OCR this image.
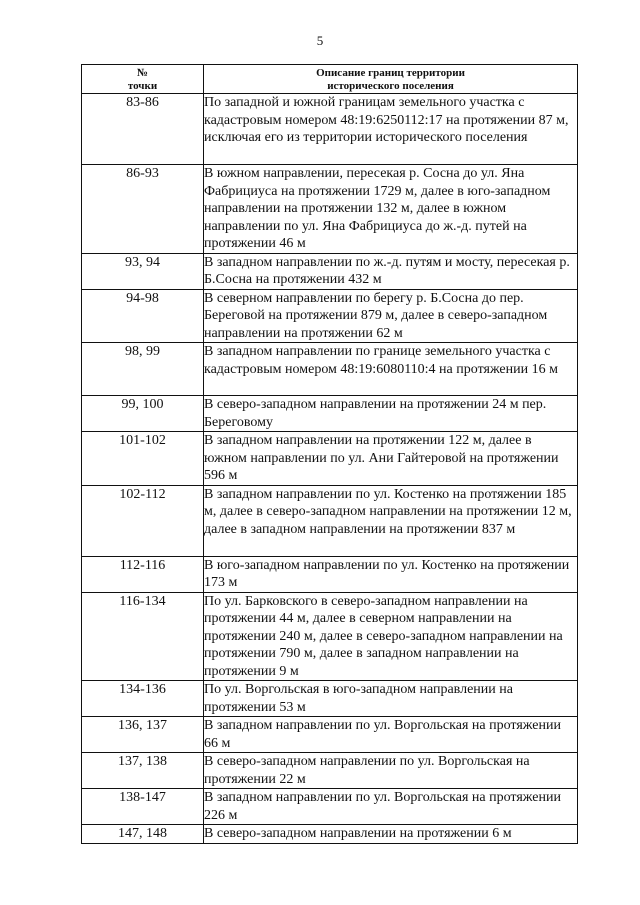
5
№
точки	Описание границ территории
исторического поселения

83-86	По западной и южной границам земельного участка с кадастровым номером 48:19:6250112:17 на протяжении 87 м, исключая его из территории исторического поселения
86-93	В южном направлении, пересекая р. Сосна до ул. Яна Фабрициуса на протяжении 1729 м, далее в юго-западном направлении на протяжении 132 м, далее в южном направлении по ул. Яна Фабрициуса до ж.-д. путей на протяжении 46 м
93, 94	В западном направлении по ж.-д. путям и мосту, пересекая р. Б.Сосна на протяжении 432 м
94-98	В северном направлении по берегу р. Б.Сосна до пер. Береговой на протяжении 879 м, далее в северо-западном направлении на протяжении 62 м
98, 99	В западном направлении по границе земельного участка с кадастровым номером 48:19:6080110:4 на протяжении 16 м
99, 100	В северо-западном направлении на протяжении 24 м пер. Береговому
101-102	В западном направлении на протяжении 122 м, далее в южном направлении по ул. Ани Гайтеровой на протяжении 596 м
102-112	В западном направлении по ул. Костенко на протяжении 185 м, далее в северо-западном направлении на протяжении 12 м, далее в западном направлении на протяжении 837 м
112-116	В юго-западном направлении по ул. Костенко на протяжении 173 м
116-134	По ул. Барковского в северо-западном направлении на протяжении 44 м, далее в северном направлении на протяжении 240 м, далее в северо-западном направлении на протяжении 790 м, далее в западном направлении на протяжении 9 м
134-136	По ул. Воргольская в юго-западном направлении на протяжении 53 м
136, 137	В западном направлении по ул. Воргольская на протяжении 66 м
137, 138	В северо-западном направлении по ул. Воргольская на протяжении 22 м
138-147	В западном направлении по ул. Воргольская на протяжении 226 м
147, 148	В северо-западном направлении на протяжении 6 м
